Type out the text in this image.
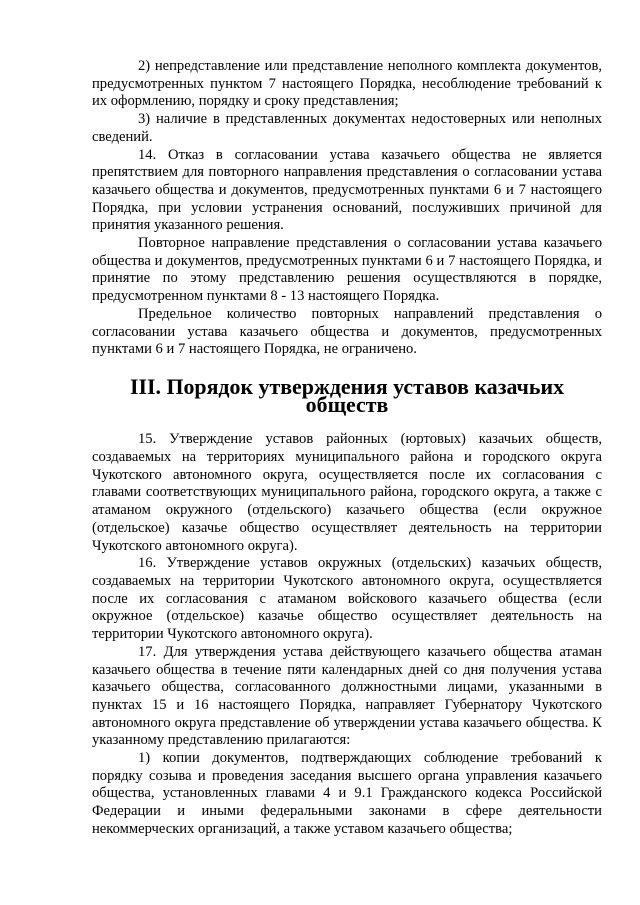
2) непредставление или представление неполного комплекта документов, предусмотренных пунктом 7 настоящего Порядка, несоблюдение требований к их оформлению, порядку и сроку представления;

3) наличие в представленных документах недостоверных или неполных сведений.

14. Отказ в согласовании устава казачьего общества не является препятствием для повторного направления представления о согласовании устава казачьего общества и документов, предусмотренных пунктами 6 и 7 настоящего Порядка, при условии устранения оснований, послуживших причиной для принятия указанного решения.

Повторное направление представления о согласовании устава казачьего общества и документов, предусмотренных пунктами 6 и 7 настоящего Порядка, и принятие по этому представлению решения осуществляются в порядке, предусмотренном пунктами 8 - 13 настоящего Порядка.

Предельное количество повторных направлений представления о согласовании устава казачьего общества и документов, предусмотренных пунктами 6 и 7 настоящего Порядка, не ограничено.

III. Порядок утверждения уставов казачьих обществ

15. Утверждение уставов районных (юртовых) казачьих обществ, создаваемых на территориях муниципального района и городского округа Чукотского автономного округа, осуществляется после их согласования с главами соответствующих муниципального района, городского округа, а также с атаманом окружного (отдельского) казачьего общества (если окружное (отдельское) казачье общество осуществляет деятельность на территории Чукотского автономного округа).

16. Утверждение уставов окружных (отдельских) казачьих обществ, создаваемых на территории Чукотского автономного округа, осуществляется после их согласования с атаманом войскового казачьего общества (если окружное (отдельское) казачье общество осуществляет деятельность на территории Чукотского автономного округа).

17. Для утверждения устава действующего казачьего общества атаман казачьего общества в течение пяти календарных дней со дня получения устава казачьего общества, согласованного должностными лицами, указанными в пунктах 15 и 16 настоящего Порядка, направляет Губернатору Чукотского автономного округа представление об утверждении устава казачьего общества. К указанному представлению прилагаются:

1) копии документов, подтверждающих соблюдение требований к порядку созыва и проведения заседания высшего органа управления казачьего общества, установленных главами 4 и 9.1 Гражданского кодекса Российской Федерации и иными федеральными законами в сфере деятельности некоммерческих организаций, а также уставом казачьего общества;
